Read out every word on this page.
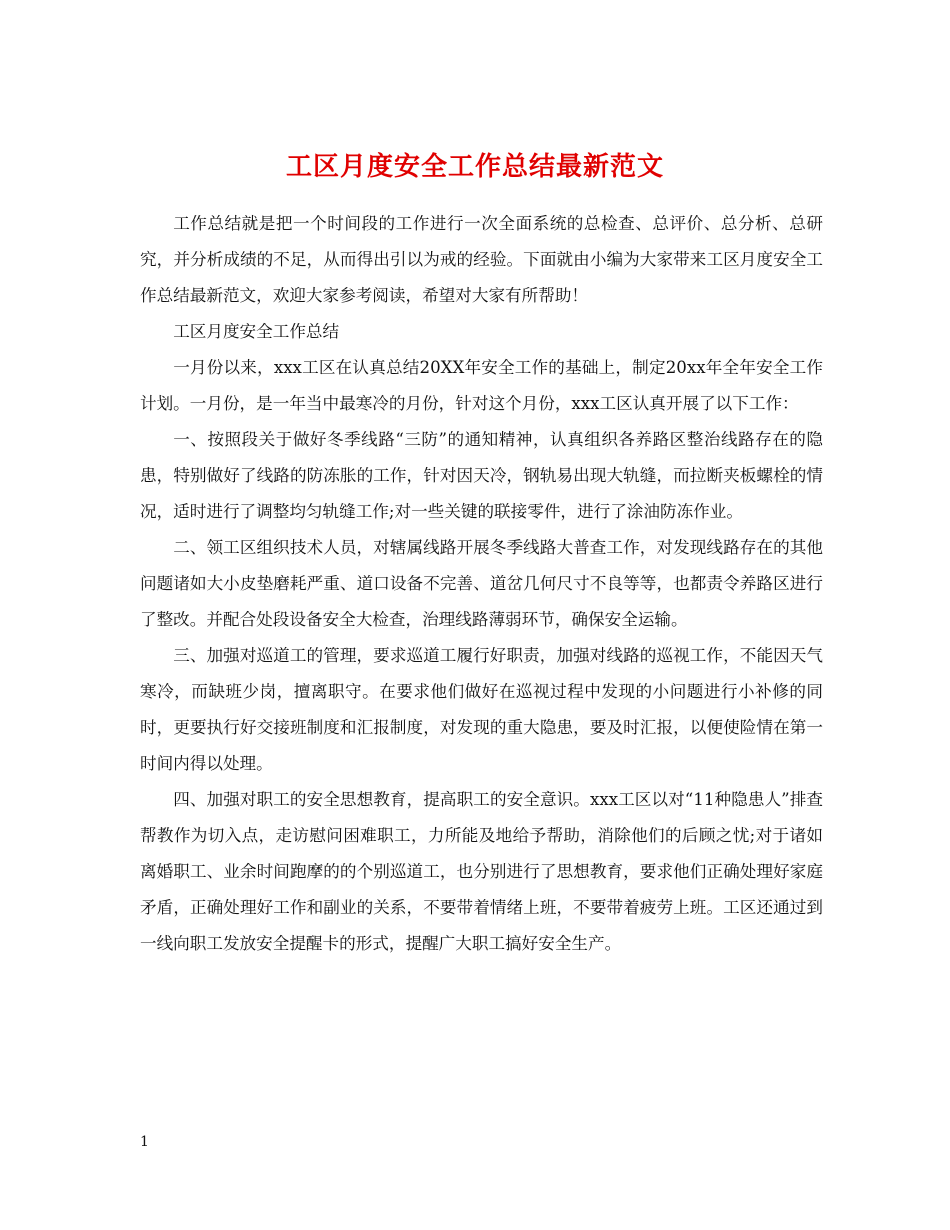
工区月度安全工作总结最新范文

工作总结就是把一个时间段的工作进行一次全面系统的总检查、总评价、总分析、总研究，并分析成绩的不足，从而得出引以为戒的经验。下面就由小编为大家带来工区月度安全工作总结最新范文，欢迎大家参考阅读，希望对大家有所帮助！

工区月度安全工作总结

一月份以来，xxx工区在认真总结20XX年安全工作的基础上，制定20xx年全年安全工作计划。一月份，是一年当中最寒冷的月份，针对这个月份，xxx工区认真开展了以下工作：

一、按照段关于做好冬季线路“三防”的通知精神，认真组织各养路区整治线路存在的隐患，特别做好了线路的防冻胀的工作，针对因天冷，钢轨易出现大轨缝，而拉断夹板螺栓的情况，适时进行了调整均匀轨缝工作;对一些关键的联接零件，进行了涂油防冻作业。

二、领工区组织技术人员，对辖属线路开展冬季线路大普查工作，对发现线路存在的其他问题诸如大小皮垫磨耗严重、道口设备不完善、道岔几何尺寸不良等等，也都责令养路区进行了整改。并配合处段设备安全大检查，治理线路薄弱环节，确保安全运输。

三、加强对巡道工的管理，要求巡道工履行好职责，加强对线路的巡视工作，不能因天气寒冷，而缺班少岗，擅离职守。在要求他们做好在巡视过程中发现的小问题进行小补修的同时，更要执行好交接班制度和汇报制度，对发现的重大隐患，要及时汇报，以便使险情在第一时间内得以处理。

四、加强对职工的安全思想教育，提高职工的安全意识。xxx工区以对“11种隐患人”排查帮教作为切入点，走访慰问困难职工，力所能及地给予帮助，消除他们的后顾之忧;对于诸如离婚职工、业余时间跑摩的的个别巡道工，也分别进行了思想教育，要求他们正确处理好家庭矛盾，正确处理好工作和副业的关系，不要带着情绪上班，不要带着疲劳上班。工区还通过到一线向职工发放安全提醒卡的形式，提醒广大职工搞好安全生产。

1
